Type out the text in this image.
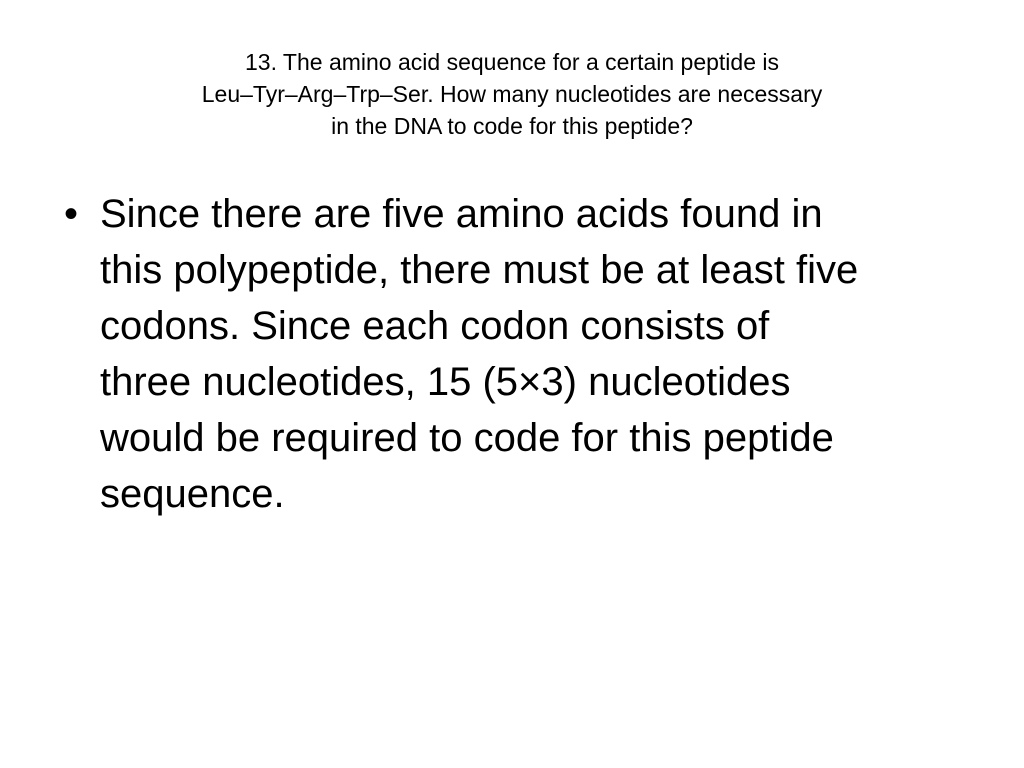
13. The amino acid sequence for a certain peptide is
Leu–Tyr–Arg–Trp–Ser. How many nucleotides are necessary
in the DNA to code for this peptide?
• Since there are five amino acids found in
this polypeptide, there must be at least five
codons. Since each codon consists of
three nucleotides, 15 (5×3) nucleotides
would be required to code for this peptide
sequence.
